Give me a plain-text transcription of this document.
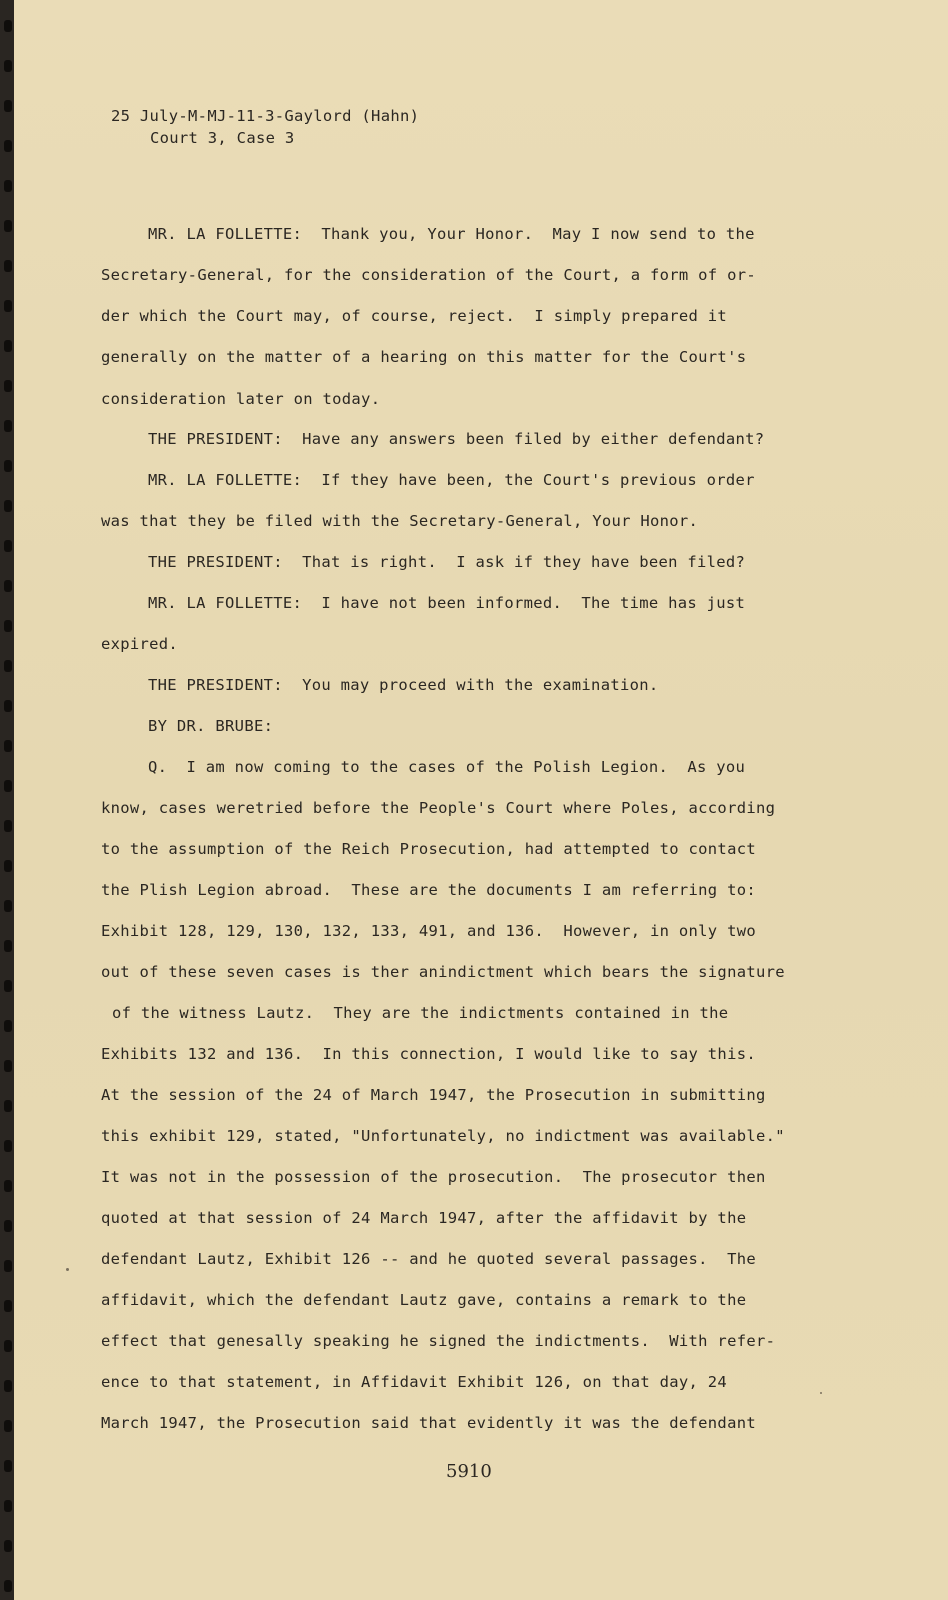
25 July-M-MJ-11-3-Gaylord (Hahn)
Court 3, Case 3
MR. LA FOLLETTE:  Thank you, Your Honor.  May I now send to the
Secretary-General, for the consideration of the Court, a form of or-
der which the Court may, of course, reject.  I simply prepared it
generally on the matter of a hearing on this matter for the Court's
consideration later on today.
THE PRESIDENT:  Have any answers been filed by either defendant?
MR. LA FOLLETTE:  If they have been, the Court's previous order
was that they be filed with the Secretary-General, Your Honor.
THE PRESIDENT:  That is right.  I ask if they have been filed?
MR. LA FOLLETTE:  I have not been informed.  The time has just
expired.
THE PRESIDENT:  You may proceed with the examination.
BY DR. BRUBE:
Q.  I am now coming to the cases of the Polish Legion.  As you
know, cases weretried before the People's Court where Poles, according
to the assumption of the Reich Prosecution, had attempted to contact
the Plish Legion abroad.  These are the documents I am referring to:
Exhibit 128, 129, 130, 132, 133, 491, and 136.  However, in only two
out of these seven cases is ther anindictment which bears the signature
of the witness Lautz.  They are the indictments contained in the
Exhibits 132 and 136.  In this connection, I would like to say this.
At the session of the 24 of March 1947, the Prosecution in submitting
this exhibit 129, stated, "Unfortunately, no indictment was available."
It was not in the possession of the prosecution.  The prosecutor then
quoted at that session of 24 March 1947, after the affidavit by the
defendant Lautz, Exhibit 126 -- and he quoted several passages.  The
affidavit, which the defendant Lautz gave, contains a remark to the
effect that genesally speaking he signed the indictments.  With refer-
ence to that statement, in Affidavit Exhibit 126, on that day, 24
March 1947, the Prosecution said that evidently it was the defendant
5910
